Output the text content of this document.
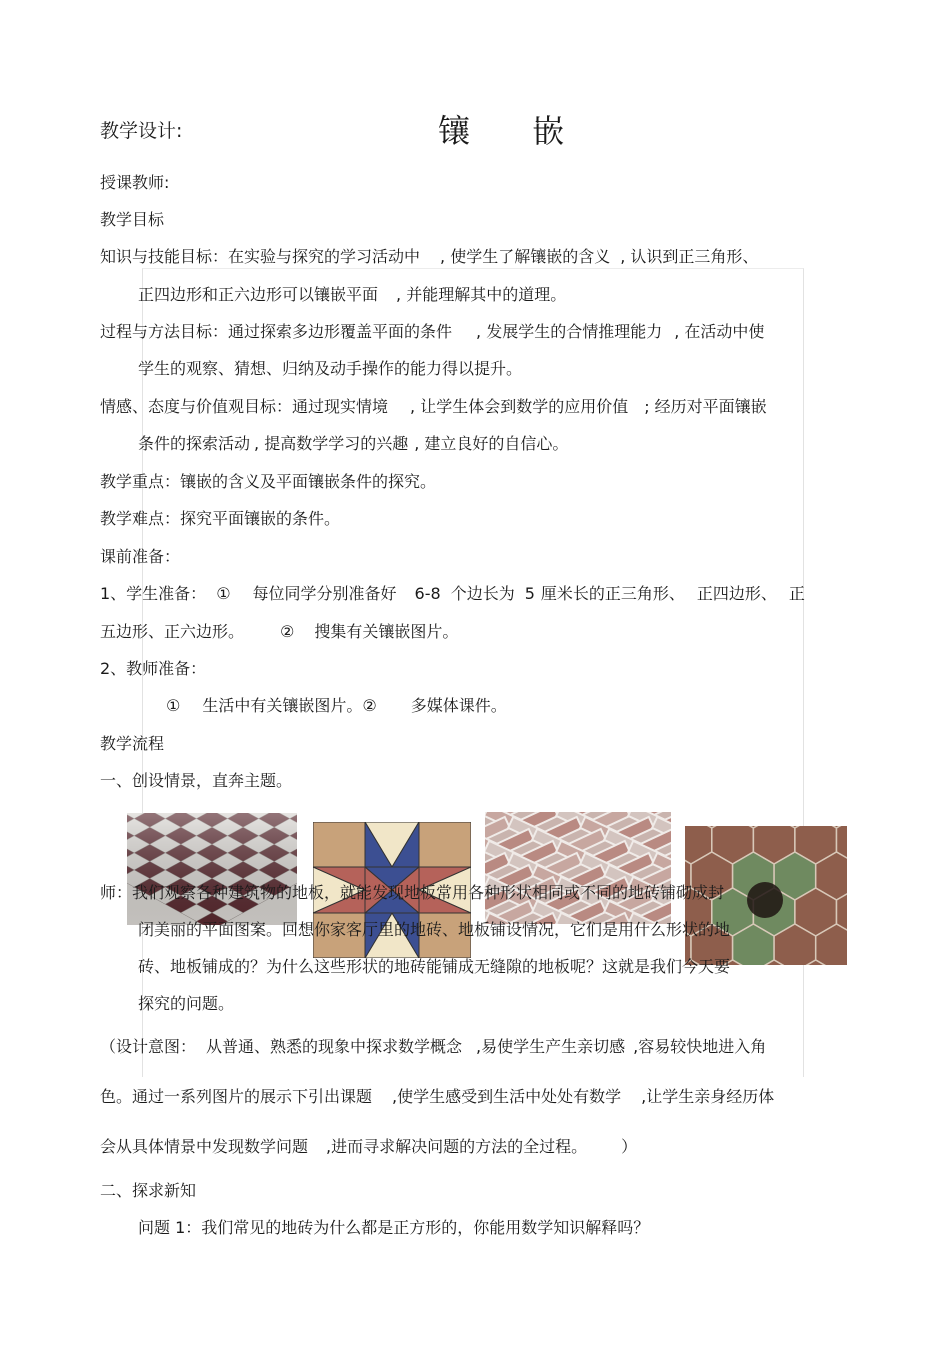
教学设计:	镶 嵌
授课教师:
教学目标
知识与技能目标：在实验与探究的学习活动中 , 使学生了解镶嵌的含义 , 认识到正三角形、
正四边形和正六边形可以镶嵌平面 , 并能理解其中的道理。
过程与方法目标：通过探索多边形覆盖平面的条件 , 发展学生的合情推理能力 , 在活动中使
学生的观察、猜想、归纳及动手操作的能力得以提升。
情感、态度与价值观目标：通过现实情境 , 让学生体会到数学的应用价值 ; 经历对平面镶嵌
条件的探索活动 , 提高数学学习的兴趣 , 建立良好的自信心。
教学重点：镶嵌的含义及平面镶嵌条件的探究。
教学难点：探究平面镶嵌的条件。
课前准备：
1、学生准备： ① 每位同学分别准备好 6-8 个边长为 5 厘米长的正三角形、 正四边形、 正
五边形、正六边形。 ② 搜集有关镶嵌图片。
2、教师准备：
① 生活中有关镶嵌图片。② 多媒体课件。
教学流程
一、创设情景，直奔主题。
师：我们观察各种建筑物的地板，就能发现地板常用各种形状相同或不同的地砖铺砌成封
闭美丽的平面图案。回想你家客厅里的地砖、地板铺设情况，它们是用什么形状的地
砖、地板铺成的？为什么这些形状的地砖能铺成无缝隙的地板呢？这就是我们今天要
探究的问题。
（设计意图： 从普通、熟悉的现象中探求数学概念 ,易使学生产生亲切感 ,容易较快地进入角
色。通过一系列图片的展示下引出课题 ,使学生感受到生活中处处有数学 ,让学生亲身经历体
会从具体情景中发现数学问题 ,进而寻求解决问题的方法的全过程。 ）
二、探求新知
问题 1：我们常见的地砖为什么都是正方形的，你能用数学知识解释吗？
